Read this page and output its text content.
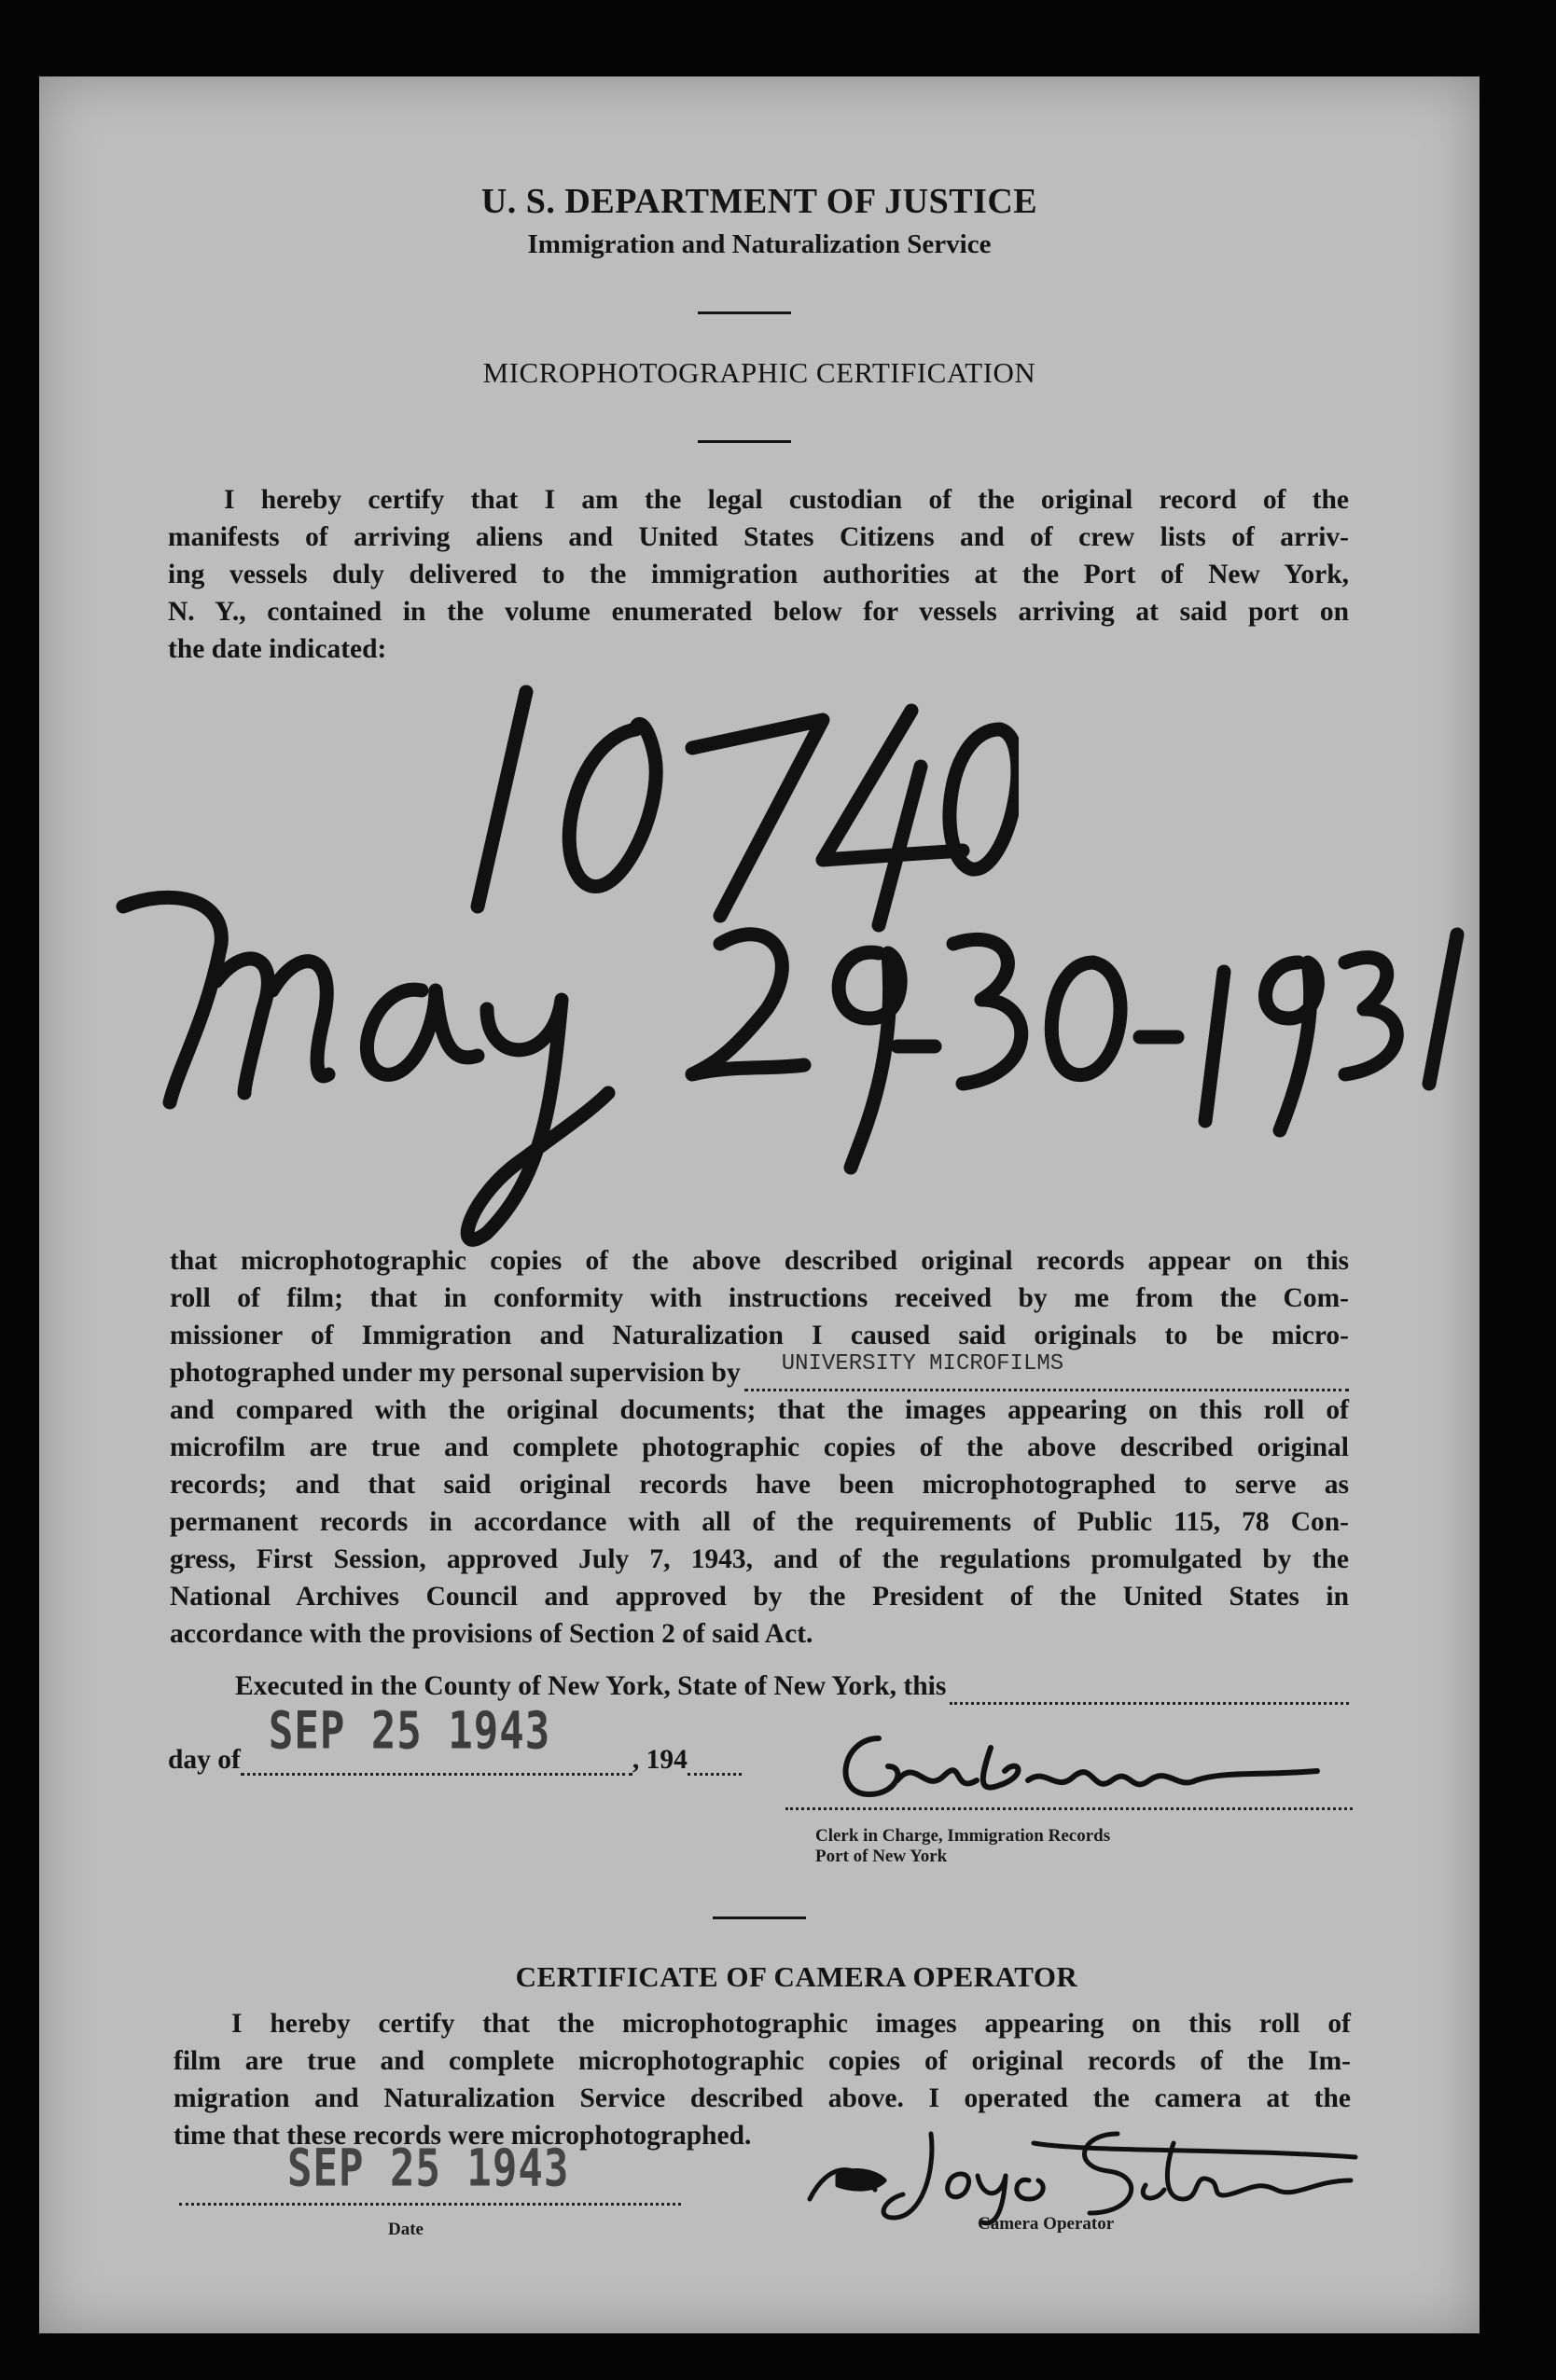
U. S. DEPARTMENT OF JUSTICE
Immigration and Naturalization Service
MICROPHOTOGRAPHIC CERTIFICATION
I hereby certify that I am the legal custodian of the original record of the
manifests of arriving aliens and United States Citizens and of crew lists of arriv-
ing vessels duly delivered to the immigration authorities at the Port of New York,
N. Y., contained in the volume enumerated below for vessels arriving at said port on
the date indicated:
that microphotographic copies of the above described original records appear on this
roll of film; that in conformity with instructions received by me from the Com-
missioner of Immigration and Naturalization I caused said originals to be micro-
photographed under my personal supervision by UNIVERSITY MICROFILMS
and compared with the original documents; that the images appearing on this roll of
microfilm are true and complete photographic copies of the above described original
records; and that said original records have been microphotographed to serve as
permanent records in accordance with all of the requirements of Public 115, 78 Con-
gress, First Session, approved July 7, 1943, and of the regulations promulgated by the
National Archives Council and approved by the President of the United States in
accordance with the provisions of Section 2 of said Act.
Executed in the County of New York, State of New York, this
day of SEP 25 1943	, 194
Clerk in Charge, Immigration Records
Port of New York
CERTIFICATE OF CAMERA OPERATOR
I hereby certify that the microphotographic images appearing on this roll of
film are true and complete microphotographic copies of original records of the Im-
migration and Naturalization Service described above. I operated the camera at the
time that these records were microphotographed.
SEP 25 1943
Date	Camera Operator
